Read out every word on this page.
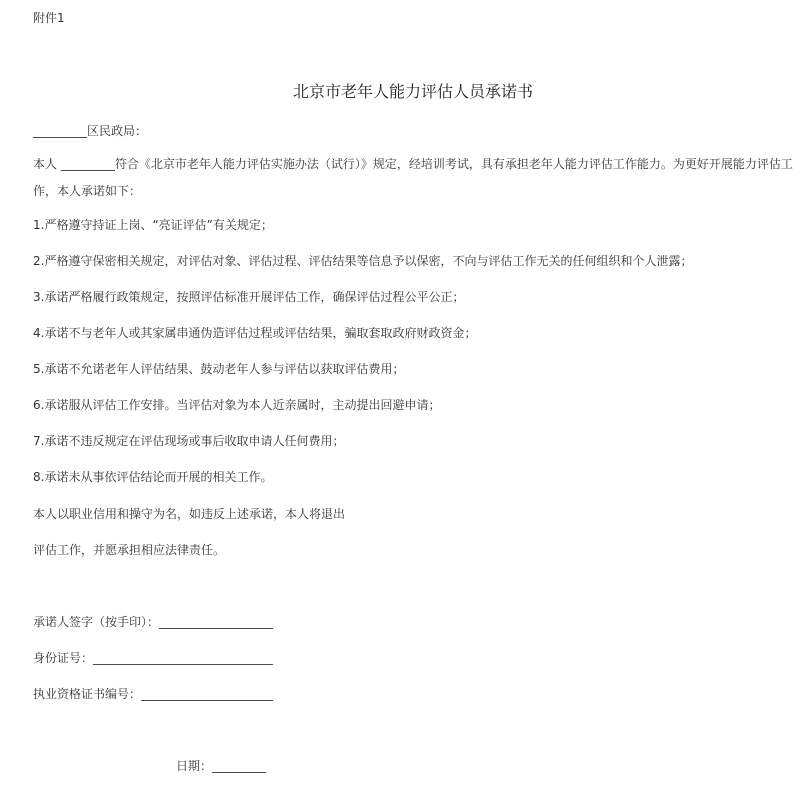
附件1
北京市老年人能力评估人员承诺书
_________区民政局：
本人 _________符合《北京市老年人能力评估实施办法（试行）》规定，经培训考试，具有承担老年人能力评估工作能力。为更好开展能力评估工作，本人承诺如下：
1.严格遵守持证上岗、“亮证评估”有关规定；
2.严格遵守保密相关规定，对评估对象、评估过程、评估结果等信息予以保密，不向与评估工作无关的任何组织和个人泄露；
3.承诺严格履行政策规定，按照评估标准开展评估工作，确保评估过程公平公正；
4.承诺不与老年人或其家属串通伪造评估过程或评估结果，骗取套取政府财政资金；
5.承诺不允诺老年人评估结果、鼓动老年人参与评估以获取评估费用；
6.承诺服从评估工作安排。当评估对象为本人近亲属时，主动提出回避申请；
7.承诺不违反规定在评估现场或事后收取申请人任何费用；
8.承诺未从事依评估结论而开展的相关工作。
本人以职业信用和操守为名，如违反上述承诺，本人将退出
评估工作，并愿承担相应法律责任。
承诺人签字（按手印）：___________________
身份证号：______________________________
执业资格证书编号：______________________
日期：_________
